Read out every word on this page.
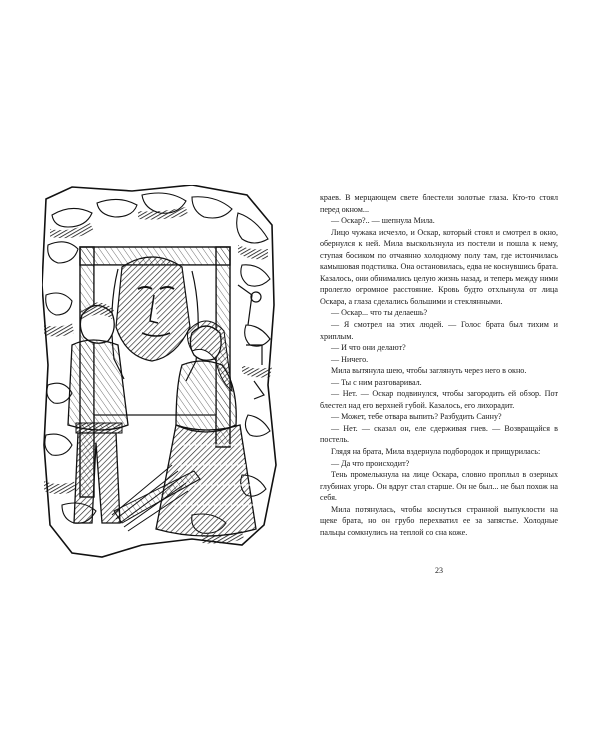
краев. В мерцающем свете блестели золотые глаза. Кто-то стоял перед окном...

— Оскар?.. — шепнула Мила.

Лицо чужака исчезло, и Оскар, который стоял и смотрел в окно, обернулся к ней. Мила выскользнула из постели и пошла к нему, ступая босиком по отчаянно холодному полу там, где истончилась камышовая подстилка. Она остановилась, едва не коснувшись брата. Казалось, они обнимались целую жизнь назад, и теперь между ними пролегло огромное расстояние. Кровь будто отхлынула от лица Оскара, а глаза сделались большими и стеклянными.

— Оскар... что ты делаешь?

— Я смотрел на этих людей. — Голос брата был тихим и хриплым.

— И что они делают?

— Ничего.

Мила вытянула шею, чтобы заглянуть через него в окно.

— Ты с ним разговаривал.

— Нет. — Оскар подвинулся, чтобы загородить ей обзор. Пот блестел над его верхней губой. Казалось, его лихорадит.

— Может, тебе отвара выпить? Разбудить Санну?

— Нет. — сказал он, еле сдерживая гнев. — Возвращайся в постель.

Глядя на брата, Мила вздернула подбородок и прищурилась:

— Да что происходит?

Тень промелькнула на лице Оскара, словно проплыл в озерных глубинах угорь. Он вдруг стал старше. Он не был... не был похож на себя.

Мила потянулась, чтобы коснуться странной выпуклости на щеке брата, но он грубо перехватил ее за запястье. Холодные пальцы сомкнулись на теплой со сна коже.

23
